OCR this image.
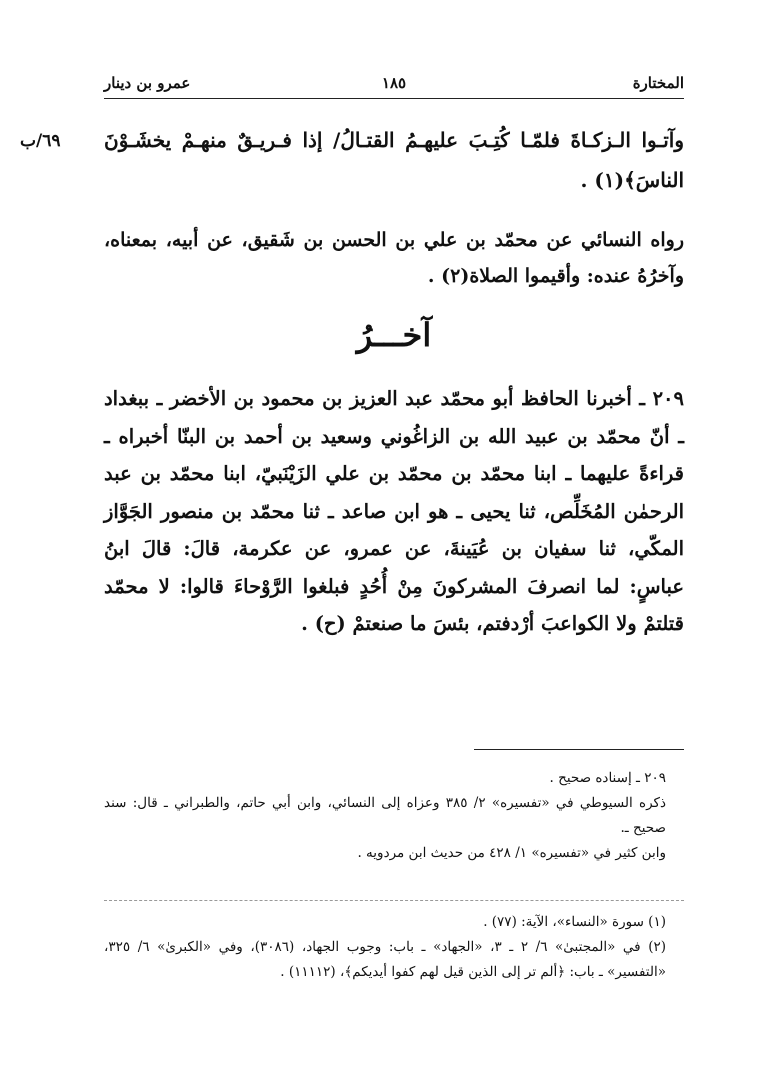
المختارة
١٨٥
عمرو بن دينار
٦٩/ب وآتـوا الـزكـاةَ فلمّـا كُتِـبَ عليهـمُ القتـالُ/ إذا فـريـقٌ منهـمْ يخشَـوْنَ الناسَ﴾(١) .
رواه النسائي عن محمّد بن علي بن الحسن بن شَقيق، عن أبيه، بمعناه، وآخرُهُ عنده: وأقيموا الصلاة(٢) .
آخـــرُ
٢٠٩ ـ أخبرنا الحافظ أبو محمّد عبد العزيز بن محمود بن الأخضر ـ ببغداد ـ أنّ محمّد بن عبيد الله بن الزاغُوني وسعيد بن أحمد بن البنّا أخبراه ـ قراءةً عليهما ـ ابنا محمّد بن محمّد بن علي الزَيْنَبيّ، ابنا محمّد بن عبد الرحمٰن المُخَلِّص، ثنا يحيى ـ هو ابن صاعد ـ ثنا محمّد بن منصور الجَوَّاز المكّي، ثنا سفيان بن عُيَينةَ، عن عمرو، عن عكرمة، قالَ: قالَ ابنُ عباسٍ: لما انصرفَ المشركونَ مِنْ أُحُدٍ فبلغوا الرَّوْحاءَ قالوا: لا محمّد قتلتمْ ولا الكواعبَ أرْدفتم، بئسَ ما صنعتمْ (ح) .
٢٠٩ ـ إسناده صحيح .
ذكره السيوطي في «تفسيره» ٢/ ٣٨٥ وعزاه إلى النسائي، وابن أبي حاتم، والطبراني ـ قال: سند صحيح ـ.
وابن كثير في «تفسيره» ١/ ٤٢٨ من حديث ابن مردويه .
(١) سورة «النساء»، الآية: (٧٧) .
(٢) في «المجتبىٰ» ٦/ ٢ ـ ٣، «الجهاد» ـ باب: وجوب الجهاد، (٣٠٨٦)، وفي «الكبرىٰ» ٦/ ٣٢٥، «التفسير» ـ باب: ﴿ألم تر إلى الذين قيل لهم كفوا أيديكم﴾، (١١١١٢) .
